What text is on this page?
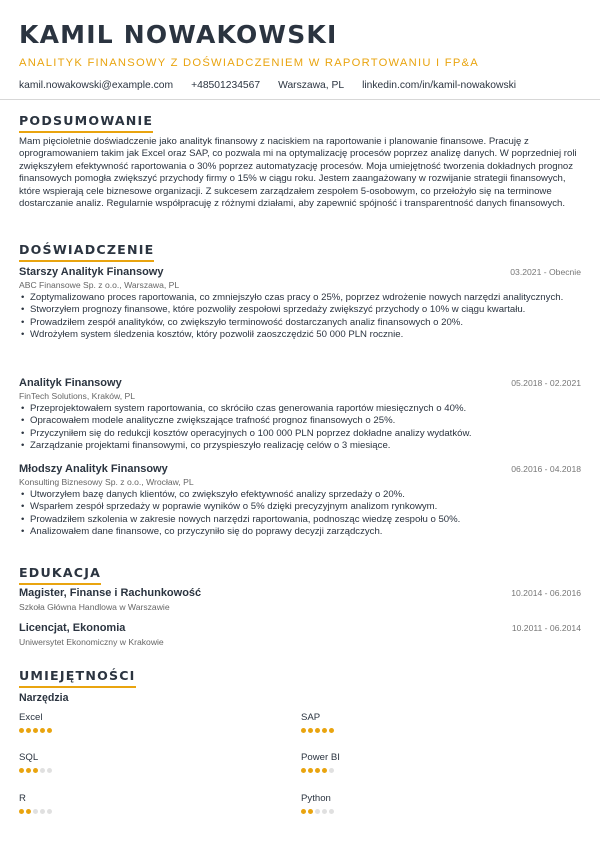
KAMIL NOWAKOWSKI
ANALITYK FINANSOWY Z DOŚWIADCZENIEM W RAPORTOWANIU I FP&A
kamil.nowakowski@example.com +48501234567 Warszawa, PL linkedin.com/in/kamil-nowakowski
PODSUMOWANIE
Mam pięcioletnie doświadczenie jako analityk finansowy z naciskiem na raportowanie i planowanie finansowe. Pracuję z oprogramowaniem takim jak Excel oraz SAP, co pozwala mi na optymalizację procesów poprzez analizę danych. W poprzedniej roli zwiększyłem efektywność raportowania o 30% poprzez automatyzację procesów. Moja umiejętność tworzenia dokładnych prognoz finansowych pomogła zwiększyć przychody firmy o 15% w ciągu roku. Jestem zaangażowany w rozwijanie strategii finansowych, które wspierają cele biznesowe organizacji. Z sukcesem zarządzałem zespołem 5-osobowym, co przełożyło się na terminowe dostarczanie analiz. Regularnie współpracuję z różnymi działami, aby zapewnić spójność i transparentność danych finansowych.
DOŚWIADCZENIE
Starszy Analityk Finansowy	03.2021 - Obecnie
ABC Finansowe Sp. z o.o., Warszawa, PL
• Zoptymalizowano proces raportowania, co zmniejszyło czas pracy o 25%, poprzez wdrożenie nowych narzędzi analitycznych.
• Stworzyłem prognozy finansowe, które pozwoliły zespołowi sprzedaży zwiększyć przychody o 10% w ciągu kwartału.
• Prowadziłem zespół analityków, co zwiększyło terminowość dostarczanych analiz finansowych o 20%.
• Wdrożyłem system śledzenia kosztów, który pozwolił zaoszczędzić 50 000 PLN rocznie.
Analityk Finansowy	05.2018 - 02.2021
FinTech Solutions, Kraków, PL
• Przeprojektowałem system raportowania, co skróciło czas generowania raportów miesięcznych o 40%.
• Opracowałem modele analityczne zwiększające trafność prognoz finansowych o 25%.
• Przyczyniłem się do redukcji kosztów operacyjnych o 100 000 PLN poprzez dokładne analizy wydatków.
• Zarządzanie projektami finansowymi, co przyspieszyło realizację celów o 3 miesiące.
Młodszy Analityk Finansowy	06.2016 - 04.2018
Konsulting Biznesowy Sp. z o.o., Wrocław, PL
• Utworzyłem bazę danych klientów, co zwiększyło efektywność analizy sprzedaży o 20%.
• Wsparłem zespół sprzedaży w poprawie wyników o 5% dzięki precyzyjnym analizom rynkowym.
• Prowadziłem szkolenia w zakresie nowych narzędzi raportowania, podnosząc wiedzę zespołu o 50%.
• Analizowałem dane finansowe, co przyczyniło się do poprawy decyzji zarządczych.
EDUKACJA
Magister, Finanse i Rachunkowość	10.2014 - 06.2016
Szkoła Główna Handlowa w Warszawie
Licencjat, Ekonomia	10.2011 - 06.2014
Uniwersytet Ekonomiczny w Krakowie
UMIEJĘTNOŚCI
Narzędzia
Excel	SAP
SQL	Power BI
R	Python
